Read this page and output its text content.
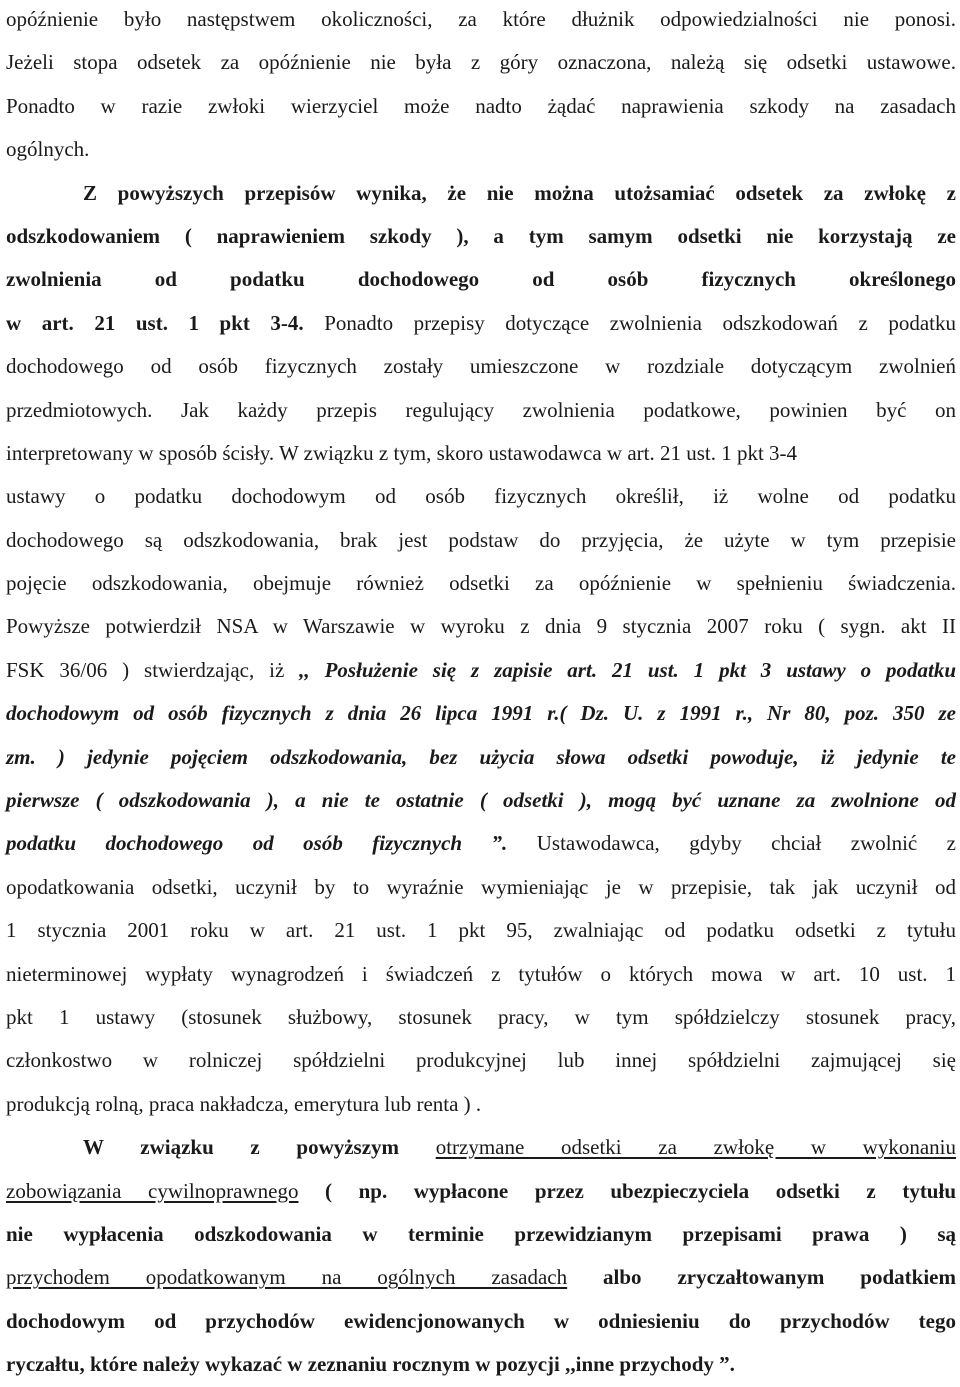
opóźnienie było następstwem okoliczności, za które dłużnik odpowiedzialności nie ponosi.
Jeżeli stopa odsetek za opóźnienie nie była z góry oznaczona, należą się odsetki ustawowe.
Ponadto w razie zwłoki wierzyciel może nadto żądać naprawienia szkody na zasadach
ogólnych.
Z powyższych przepisów wynika, że nie można utożsamiać odsetek za zwłokę z
odszkodowaniem ( naprawieniem szkody ), a tym samym odsetki nie korzystają ze
zwolnienia od podatku dochodowego od osób fizycznych określonego
w art. 21 ust. 1 pkt 3-4. Ponadto przepisy dotyczące zwolnienia odszkodowań z podatku
dochodowego od osób fizycznych zostały umieszczone w rozdziale dotyczącym zwolnień
przedmiotowych. Jak każdy przepis regulujący zwolnienia podatkowe, powinien być on
interpretowany w sposób ścisły. W związku z tym, skoro ustawodawca w art. 21 ust. 1 pkt 3-4
ustawy o podatku dochodowym od osób fizycznych określił, iż wolne od podatku
dochodowego są odszkodowania, brak jest podstaw do przyjęcia, że użyte w tym przepisie
pojęcie odszkodowania, obejmuje również odsetki za opóźnienie w spełnieniu świadczenia.
Powyższe potwierdził NSA w Warszawie w wyroku z dnia 9 stycznia 2007 roku ( sygn. akt II
FSK 36/06 ) stwierdzając, iż ,, Posłużenie się z zapisie art. 21 ust. 1 pkt 3 ustawy o podatku
dochodowym od osób fizycznych z dnia 26 lipca 1991 r.( Dz. U. z 1991 r., Nr 80, poz. 350 ze
zm. ) jedynie pojęciem odszkodowania, bez użycia słowa odsetki powoduje, iż jedynie te
pierwsze ( odszkodowania ), a nie te ostatnie ( odsetki ), mogą być uznane za zwolnione od
podatku dochodowego od osób fizycznych ”. Ustawodawca, gdyby chciał zwolnić z
opodatkowania odsetki, uczynił by to wyraźnie wymieniając je w przepisie, tak jak uczynił od
1 stycznia 2001 roku w art. 21 ust. 1 pkt 95, zwalniając od podatku odsetki z tytułu
nieterminowej wypłaty wynagrodzeń i świadczeń z tytułów o których mowa w art. 10 ust. 1
pkt 1 ustawy (stosunek służbowy, stosunek pracy, w tym spółdzielczy stosunek pracy,
członkostwo w rolniczej spółdzielni produkcyjnej lub innej spółdzielni zajmującej się
produkcją rolną, praca nakładcza, emerytura lub renta ) .
W związku z powyższym otrzymane odsetki za zwłokę w wykonaniu
zobowiązania cywilnoprawnego ( np. wypłacone przez ubezpieczyciela odsetki z tytułu
nie wypłacenia odszkodowania w terminie przewidzianym przepisami prawa ) są
przychodem opodatkowanym na ogólnych zasadach albo zryczałtowanym podatkiem
dochodowym od przychodów ewidencjonowanych w odniesieniu do przychodów tego
ryczałtu, które należy wykazać w zeznaniu rocznym w pozycji ,,inne przychody ”.
